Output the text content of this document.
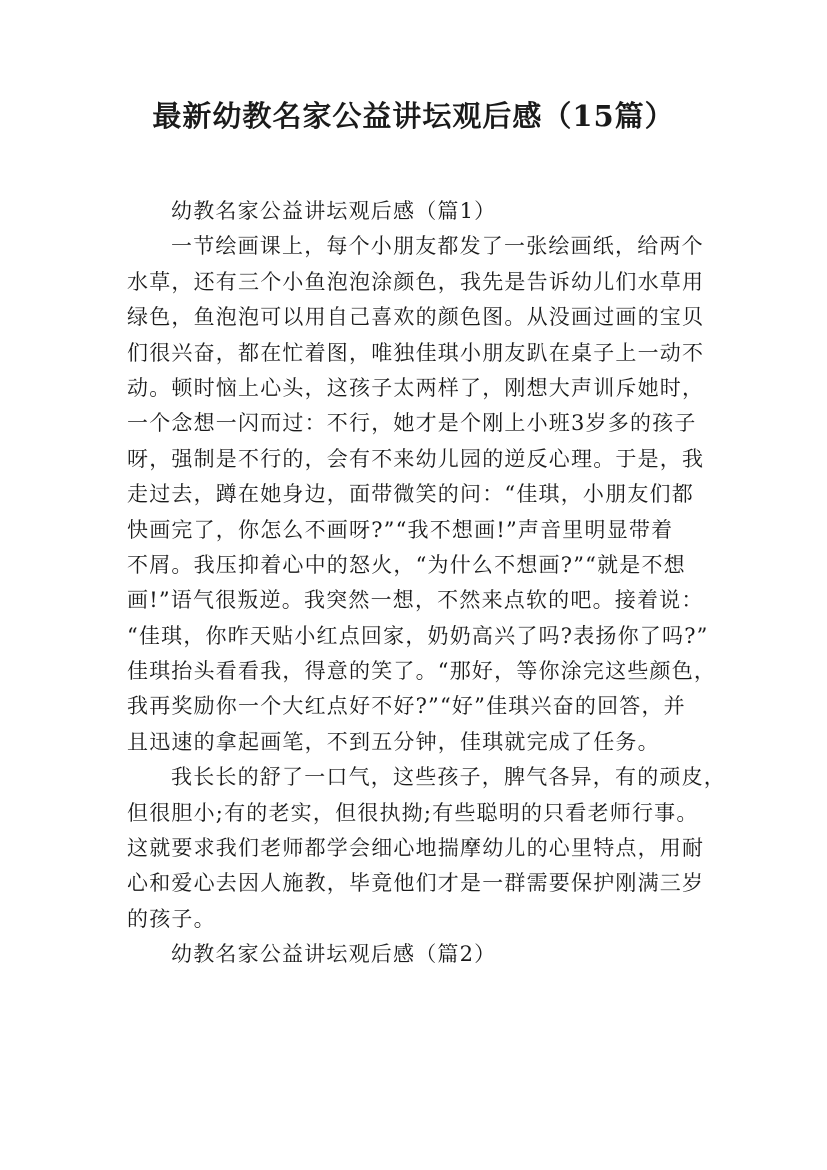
最新幼教名家公益讲坛观后感（15篇）
幼教名家公益讲坛观后感（篇1）
一节绘画课上，每个小朋友都发了一张绘画纸，给两个
水草，还有三个小鱼泡泡涂颜色，我先是告诉幼儿们水草用
绿色，鱼泡泡可以用自己喜欢的颜色图。从没画过画的宝贝
们很兴奋，都在忙着图，唯独佳琪小朋友趴在桌子上一动不
动。顿时恼上心头，这孩子太两样了，刚想大声训斥她时，
一个念想一闪而过：不行，她才是个刚上小班3岁多的孩子
呀，强制是不行的，会有不来幼儿园的逆反心理。于是，我
走过去，蹲在她身边，面带微笑的问：“佳琪，小朋友们都
快画完了，你怎么不画呀?”“我不想画!”声音里明显带着
不屑。我压抑着心中的怒火，“为什么不想画?”“就是不想
画!”语气很叛逆。我突然一想，不然来点软的吧。接着说：
“佳琪，你昨天贴小红点回家，奶奶高兴了吗?表扬你了吗?”
佳琪抬头看看我，得意的笑了。“那好，等你涂完这些颜色，
我再奖励你一个大红点好不好?”“好”佳琪兴奋的回答，并
且迅速的拿起画笔，不到五分钟，佳琪就完成了任务。
我长长的舒了一口气，这些孩子，脾气各异，有的顽皮，
但很胆小;有的老实，但很执拗;有些聪明的只看老师行事。
这就要求我们老师都学会细心地揣摩幼儿的心里特点，用耐
心和爱心去因人施教，毕竟他们才是一群需要保护刚满三岁
的孩子。
幼教名家公益讲坛观后感（篇2）
